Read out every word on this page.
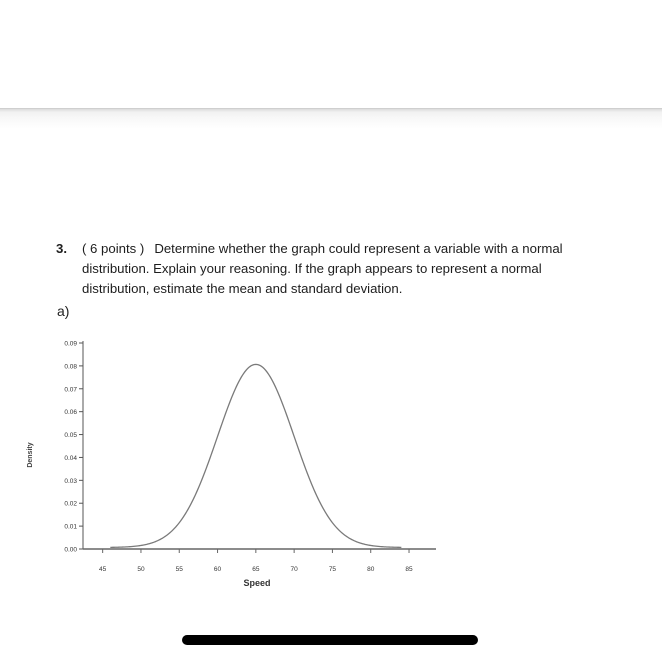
3. ( 6 points ) Determine whether the graph could represent a variable with a normal
distribution. Explain your reasoning. If the graph appears to represent a normal
distribution, estimate the mean and standard deviation.
a)
0.00
0.01
0.02
0.03
0.04
0.05
0.06
0.07
0.08
0.09
45	50	55	60	65	70	75	80	85
Speed
Density
